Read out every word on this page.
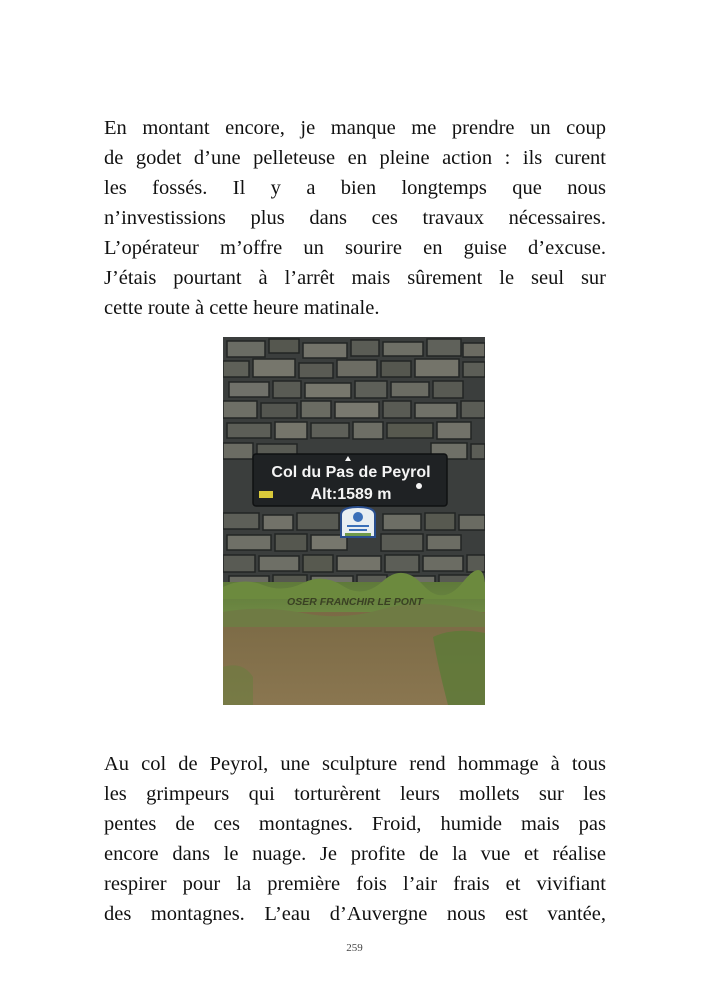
En montant encore, je manque me prendre un coup
de godet d’une pelleteuse en pleine action : ils curent
les fossés. Il y a bien longtemps que nous
n’investissions plus dans ces travaux nécessaires.
L’opérateur m’offre un sourire en guise d’excuse.
J’étais pourtant à l’arrêt mais sûrement le seul sur
cette route à cette heure matinale.
Col du Pas de Peyrol
Alt:1589 m
OSER FRANCHIR LE PONT
Au col de Peyrol, une sculpture rend hommage à tous
les grimpeurs qui torturèrent leurs mollets sur les
pentes de ces montagnes. Froid, humide mais pas
encore dans le nuage. Je profite de la vue et réalise
respirer pour la première fois l’air frais et vivifiant
des montagnes. L’eau d’Auvergne nous est vantée,
259
